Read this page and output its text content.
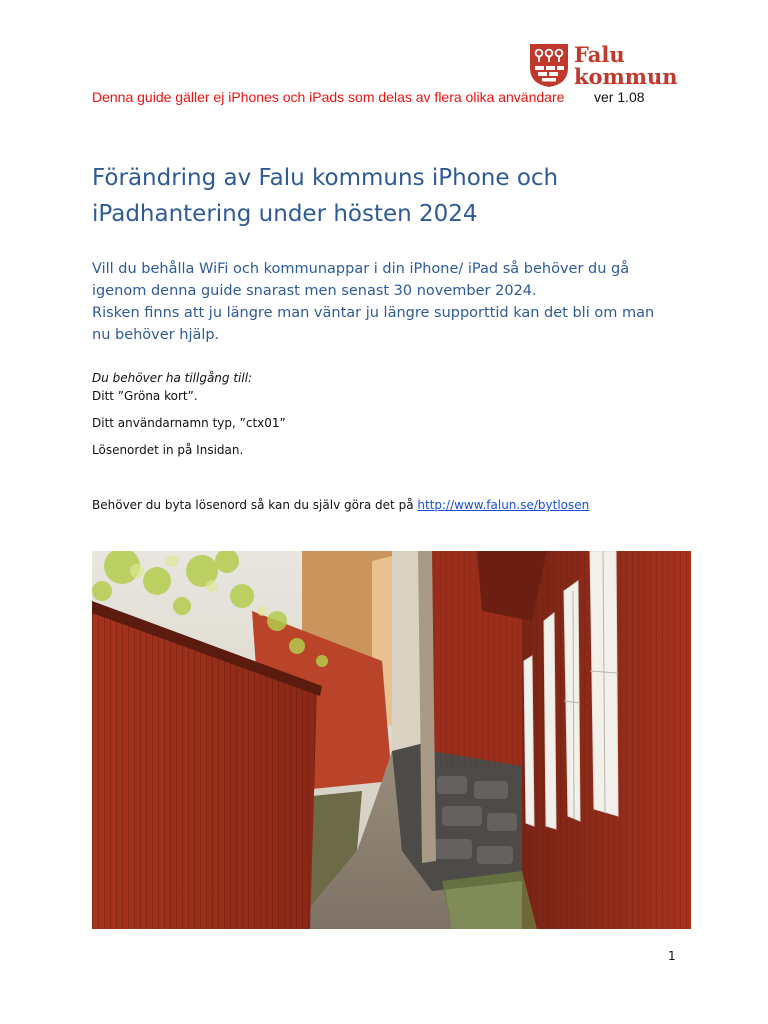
Falu
kommun
Denna guide gäller ej iPhones och iPads som delas av flera olika användare ver 1.08
Förändring av Falu kommuns iPhone och iPadhantering under hösten 2024

Vill du behålla WiFi och kommunappar i din iPhone/ iPad så behöver du gå igenom denna guide snarast men senast 30 november 2024.

Risken finns att ju längre man väntar ju längre supporttid kan det bli om man nu behöver hjälp.

Du behöver ha tillgång till:
Ditt ”Gröna kort”.
Ditt användarnamn typ, ”ctx01”
Lösenordet in på Insidan.
Behöver du byta lösenord så kan du själv göra det på http://www.falun.se/bytlosen
1
